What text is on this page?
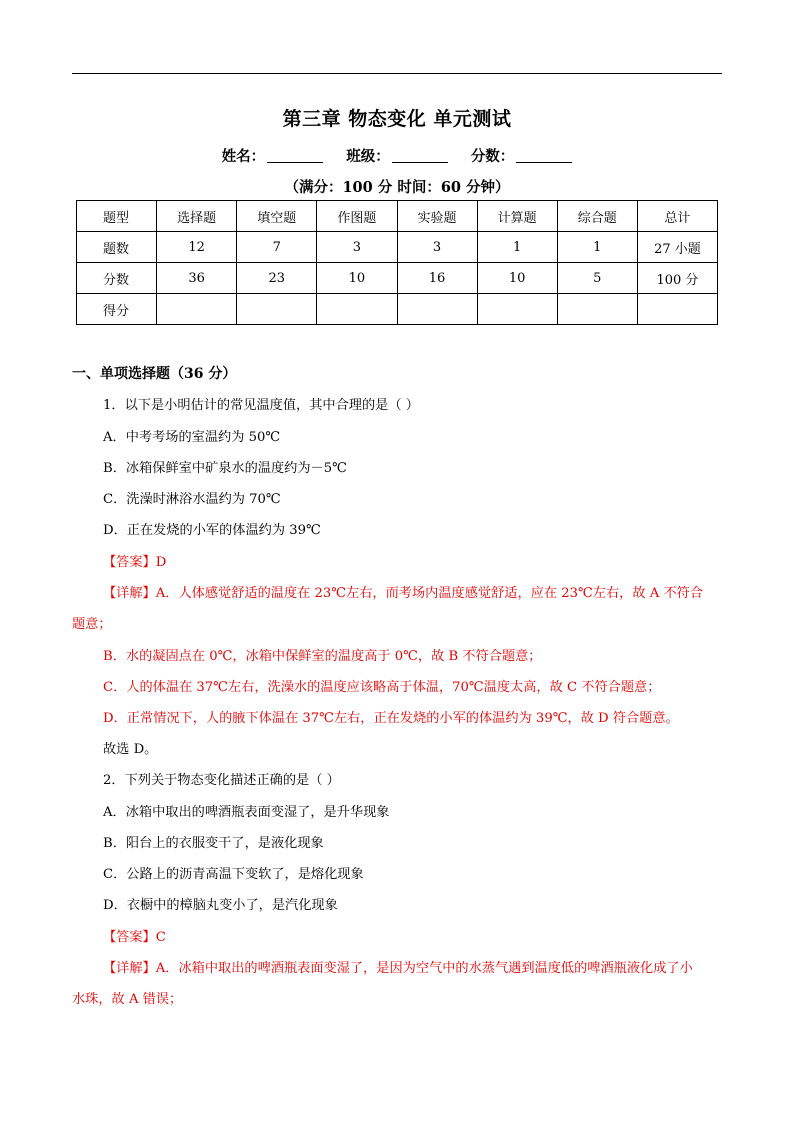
第三章 物态变化 单元测试
姓名：	班级：	分数：
（满分：100 分 时间：60 分钟）
题型	选择题	填空题	作图题	实验题	计算题	综合题	总计
题数	12	7	3	3	1	1	27 小题
分数	36	23	10	16	10	5	100 分
得分							
一、单项选择题（36 分）
1．以下是小明估计的常见温度值，其中合理的是（ ）
A．中考考场的室温约为 50℃
B．冰箱保鲜室中矿泉水的温度约为－5℃
C．洗澡时淋浴水温约为 70℃
D．正在发烧的小军的体温约为 39℃
【答案】D
【详解】A．人体感觉舒适的温度在 23℃左右，而考场内温度感觉舒适，应在 23℃左右，故 A 不符合
题意；
B．水的凝固点在 0℃，冰箱中保鲜室的温度高于 0℃，故 B 不符合题意；
C．人的体温在 37℃左右，洗澡水的温度应该略高于体温，70℃温度太高，故 C 不符合题意；
D．正常情况下，人的腋下体温在 37℃左右，正在发烧的小军的体温约为 39℃，故 D 符合题意。
故选 D。
2．下列关于物态变化描述正确的是（ ）
A．冰箱中取出的啤酒瓶表面变湿了，是升华现象
B．阳台上的衣服变干了，是液化现象
C．公路上的沥青高温下变软了，是熔化现象
D．衣橱中的樟脑丸变小了，是汽化现象
【答案】C
【详解】A．冰箱中取出的啤酒瓶表面变湿了，是因为空气中的水蒸气遇到温度低的啤酒瓶液化成了小
水珠，故 A 错误；
